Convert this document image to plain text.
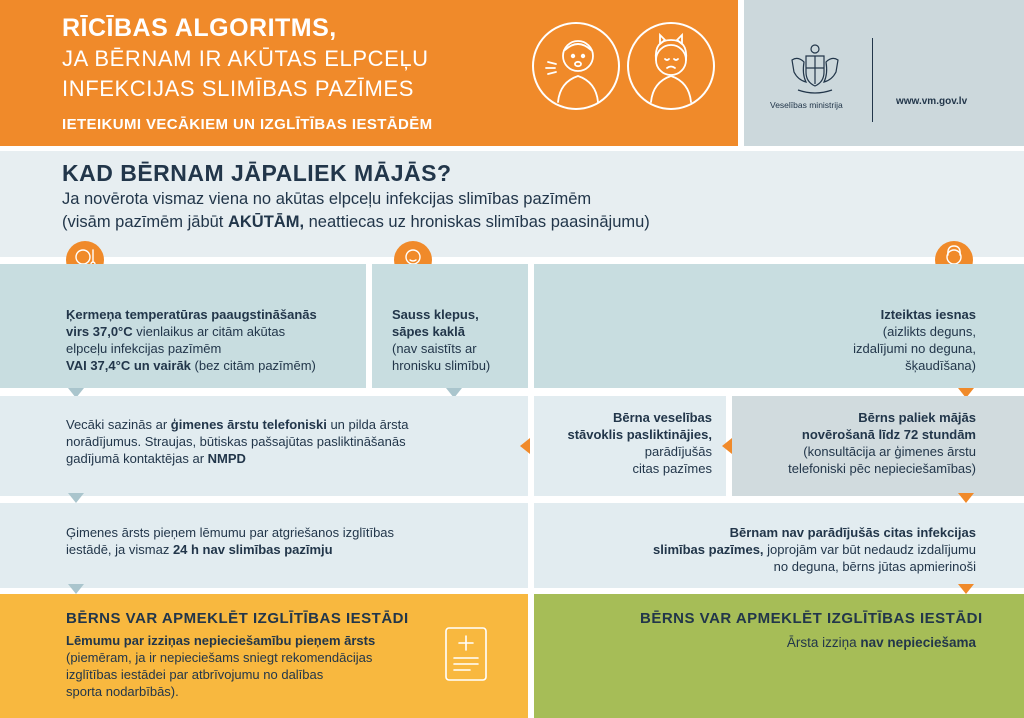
RĪCĪBAS ALGORITMS,
JA BĒRNAM IR AKŪTAS ELPCEĻU
INFEKCIJAS SLIMĪBAS PAZĪMES
IETEIKUMI VECĀKIEM UN IZGLĪTĪBAS IESTĀDĒM
Veselības ministrija	www.vm.gov.lv
KAD BĒRNAM JĀPALIEK MĀJĀS?
Ja novērota vismaz viena no akūtas elpceļu infekcijas slimības pazīmēm
(visām pazīmēm jābūt AKŪTĀM, neattiecas uz hroniskas slimības paasinājumu)
Ķermeņa temperatūras paaugstināšanās
virs 37,0°C vienlaikus ar citām akūtas
elpceļu infekcijas pazīmēm
VAI 37,4°C un vairāk (bez citām pazīmēm)
Sauss klepus,
sāpes kaklā
(nav saistīts ar
hronisku slimību)
Izteiktas iesnas
(aizlikts deguns,
izdalījumi no deguna,
šķaudīšana)
Vecāki sazinās ar ģimenes ārstu telefoniski un pilda ārsta
norādījumus. Straujas, būtiskas pašsajūtas pasliktināšanās
gadījumā kontaktējas ar NMPD
Bērna veselības
stāvoklis pasliktinājies,
parādījušās
citas pazīmes
Bērns paliek mājās
novērošanā līdz 72 stundām
(konsultācija ar ģimenes ārstu
telefoniski pēc nepieciešamības)
Ģimenes ārsts pieņem lēmumu par atgriešanos izglītības
iestādē, ja vismaz 24 h nav slimības pazīmju
Bērnam nav parādījušās citas infekcijas
slimības pazīmes, joprojām var būt nedaudz izdalījumu
no deguna, bērns jūtas apmierinoši
BĒRNS VAR APMEKLĒT IZGLĪTĪBAS IESTĀDI
Lēmumu par izziņas nepieciešamību pieņem ārsts
(piemēram, ja ir nepieciešams sniegt rekomendācijas
izglītības iestādei par atbrīvojumu no dalības
sporta nodarbībās).
BĒRNS VAR APMEKLĒT IZGLĪTĪBAS IESTĀDI
Ārsta izziņa nav nepieciešama
